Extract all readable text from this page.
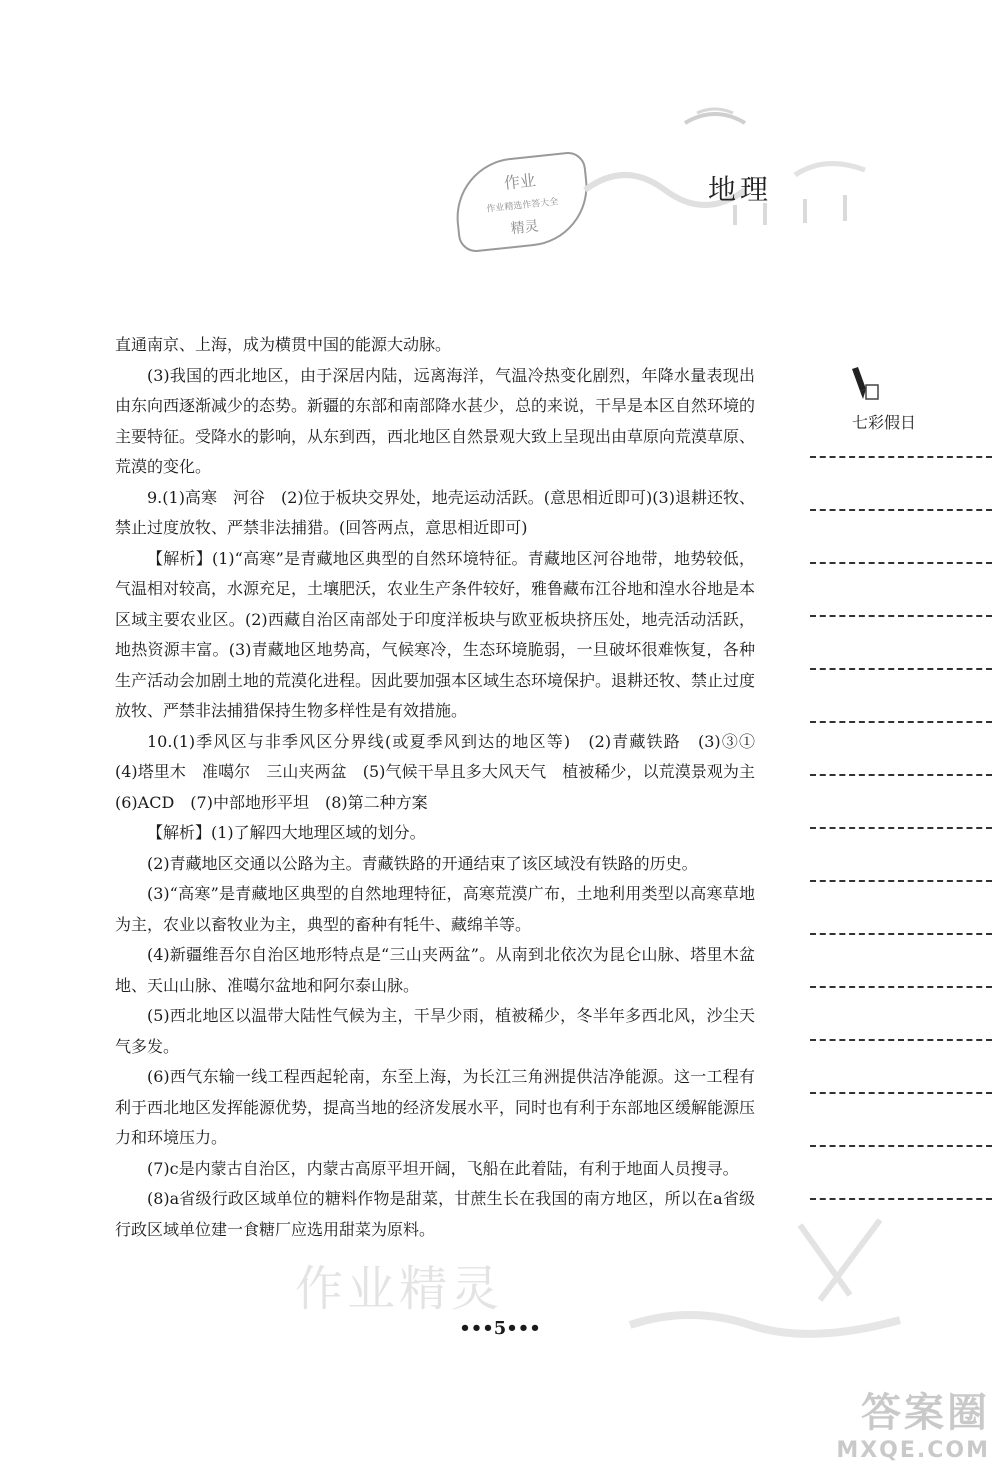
作业
作业精选作答大全
精灵
地理
七彩假日

直通南京、上海，成为横贯中国的能源大动脉。

(3)我国的西北地区，由于深居内陆，远离海洋，气温冷热变化剧烈，年降水量表现出由东向西逐渐减少的态势。新疆的东部和南部降水甚少，总的来说，干旱是本区自然环境的主要特征。受降水的影响，从东到西，西北地区自然景观大致上呈现出由草原向荒漠草原、荒漠的变化。

9.(1)高寒　河谷　(2)位于板块交界处，地壳运动活跃。(意思相近即可)(3)退耕还牧、禁止过度放牧、严禁非法捕猎。(回答两点，意思相近即可)

【解析】(1)“高寒”是青藏地区典型的自然环境特征。青藏地区河谷地带，地势较低，气温相对较高，水源充足，土壤肥沃，农业生产条件较好，雅鲁藏布江谷地和湟水谷地是本区域主要农业区。(2)西藏自治区南部处于印度洋板块与欧亚板块挤压处，地壳活动活跃，地热资源丰富。(3)青藏地区地势高，气候寒冷，生态环境脆弱，一旦破坏很难恢复，各种生产活动会加剧土地的荒漠化进程。因此要加强本区域生态环境保护。退耕还牧、禁止过度放牧、严禁非法捕猎保持生物多样性是有效措施。

10.(1)季风区与非季风区分界线(或夏季风到达的地区等)　(2)青藏铁路　(3)③①　(4)塔里木　准噶尔　三山夹两盆　(5)气候干旱且多大风天气　植被稀少，以荒漠景观为主　(6)ACD　(7)中部地形平坦　(8)第二种方案

【解析】(1)了解四大地理区域的划分。

(2)青藏地区交通以公路为主。青藏铁路的开通结束了该区域没有铁路的历史。

(3)“高寒”是青藏地区典型的自然地理特征，高寒荒漠广布，土地利用类型以高寒草地为主，农业以畜牧业为主，典型的畜种有牦牛、藏绵羊等。

(4)新疆维吾尔自治区地形特点是“三山夹两盆”。从南到北依次为昆仑山脉、塔里木盆地、天山山脉、准噶尔盆地和阿尔泰山脉。

(5)西北地区以温带大陆性气候为主，干旱少雨，植被稀少，冬半年多西北风，沙尘天气多发。

(6)西气东输一线工程西起轮南，东至上海，为长江三角洲提供洁净能源。这一工程有利于西北地区发挥能源优势，提高当地的经济发展水平，同时也有利于东部地区缓解能源压力和环境压力。

(7)c是内蒙古自治区，内蒙古高原平坦开阔，飞船在此着陆，有利于地面人员搜寻。

(8)a省级行政区域单位的糖料作物是甜菜，甘蔗生长在我国的南方地区，所以在a省级行政区域单位建一食糖厂应选用甜菜为原料。

作业精灵
•••5•••
答案圈
MXQE.COM
